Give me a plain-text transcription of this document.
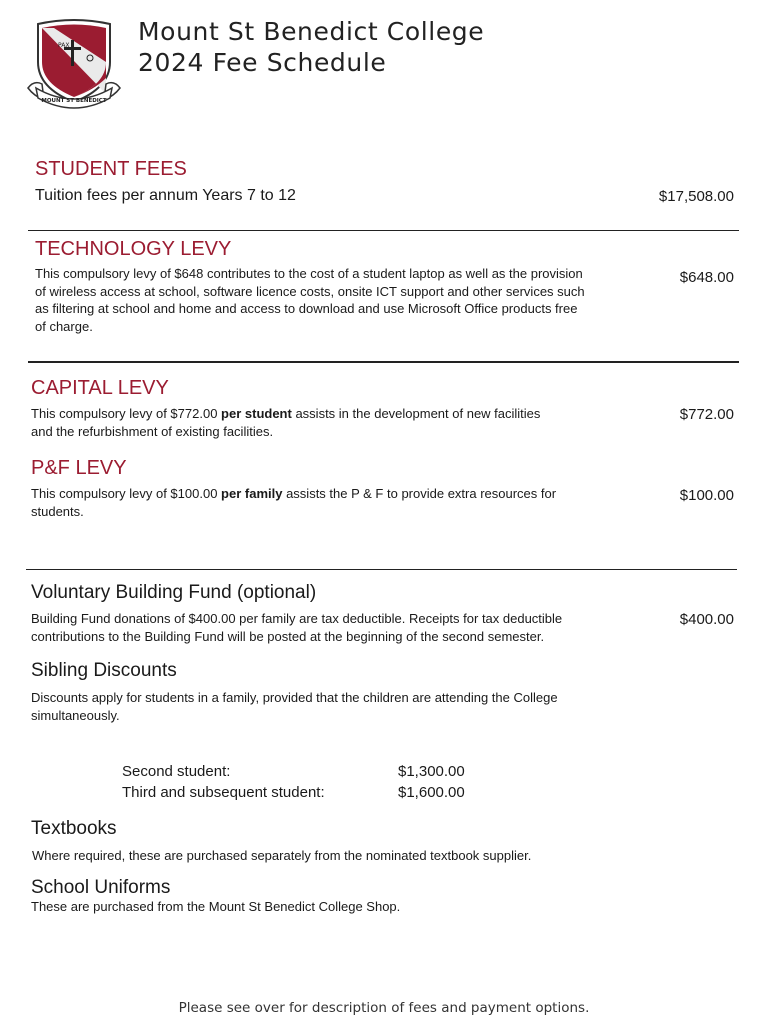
PAX
MOUNT ST BENEDICT
Mount St Benedict College
2024 Fee Schedule
STUDENT FEES
Tuition fees per annum Years 7 to 12	$17,508.00
TECHNOLOGY LEVY
This compulsory levy of $648 contributes to the cost of a student laptop as well as the provision
of wireless access at school, software licence costs, onsite ICT support and other services such
as filtering at school and home and access to download and use Microsoft Office products free
of charge.
$648.00
CAPITAL LEVY
This compulsory levy of $772.00 per student assists in the development of new facilities
and the refurbishment of existing facilities.
$772.00
P&F LEVY
This compulsory levy of $100.00 per family assists the P & F to provide extra resources for
students.
$100.00
Voluntary Building Fund (optional)
Building Fund donations of $400.00 per family are tax deductible. Receipts for tax deductible
contributions to the Building Fund will be posted at the beginning of the second semester.
$400.00
Sibling Discounts
Discounts apply for students in a family, provided that the children are attending the College
simultaneously.
Second student:	$1,300.00
Third and subsequent student:	$1,600.00
Textbooks
Where required, these are purchased separately from the nominated textbook supplier.
School Uniforms
These are purchased from the Mount St Benedict College Shop.
Please see over for description of fees and payment options.
